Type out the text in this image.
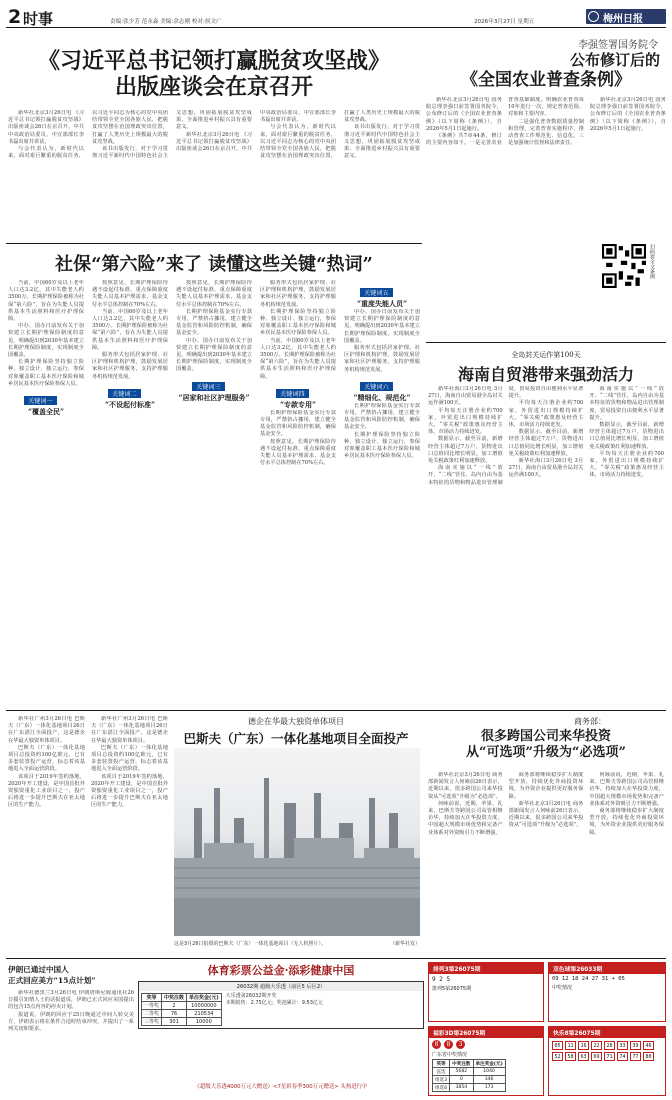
2 时事	责编:张少芳 范永淼 美编:余志刚 校对:侯文广	2026年3月27日 星期五	梅州日报
《习近平总书记领打赢脱贫攻坚战》
出版座谈会在京召开

新华社北京3月26日电 《习近平总书记领打赢脱贫攻坚战》出版座谈会26日在京召开。中共中央政治局委员、中宣部部长李书磊出席并讲话。

与会代表认为，新时代以来，面对艰巨繁重的脱贫任务，以习近平同志为核心的党中央团结带领全党全国各族人民，把脱贫攻坚摆在治国理政突出位置，打赢了人类历史上规模最大的脱贫攻坚战。

该书出版发行，对于学习贯彻习近平新时代中国特色社会主义思想，巩固拓展脱贫攻坚成果、全面推进乡村振兴具有重要意义。

新华社北京3月26日电 《习近平总书记领打赢脱贫攻坚战》出版座谈会26日在京召开。中共中央政治局委员、中宣部部长李书磊出席并讲话。

与会代表认为，新时代以来，面对艰巨繁重的脱贫任务，以习近平同志为核心的党中央团结带领全党全国各族人民，把脱贫攻坚摆在治国理政突出位置，打赢了人类历史上规模最大的脱贫攻坚战。

该书出版发行，对于学习贯彻习近平新时代中国特色社会主义思想，巩固拓展脱贫攻坚成果、全面推进乡村振兴具有重要意义。

李强签署国务院令
公布修订后的
《全国农业普查条例》

新华社北京3月26日电 国务院总理李强日前签署国务院令，公布修订后的《全国农业普查条例》（以下简称《条例》），自2026年5月1日起施行。

《条例》共7章44条，修订的主要内容如下。一是完善农业普查基础制度。明确农业普查每10年进行一次，规定普查范围、对象和主要内容。

二是强化普查数据质量控制和管理，完善普查实施程序，推动普查工作规范化、信息化。三是加强统计监督和法律责任。

新华社北京3月26日电 国务院总理李强日前签署国务院令，公布修订后的《全国农业普查条例》（以下简称《条例》），自2026年5月1日起施行。

社保“第六险”来了 读懂这些关键“热词”

当前，中国60岁及以上老年人口达3.2亿，其中失能老人约3500万。长期护理保险被称为社保“第六险”，旨在为失能人员提供基本生活照料和医疗护理保障。

中办、国办日前发布关于加快建立长期护理保险制度的意见，明确提出到2030年基本建立长期护理保险制度，实现制度全国覆盖。

长期护理保险坚持独立险种、独立设计、独立运行，参保对象覆盖职工基本医疗保险和城乡居民基本医疗保险参保人员。

关键词一
“覆盖全民”

按照意见，长期护理保险待遇不设起付标准，重点保障重度失能人员基本护理需求，基金支付水平总体控制在70%左右。

当前，中国60岁及以上老年人口达3.2亿，其中失能老人约3500万。长期护理保险被称为社保“第六险”，旨在为失能人员提供基本生活照料和医疗护理保障。

服务形式包括居家护理、社区护理和机构护理，鼓励发展居家和社区护理服务，支持护理服务机构规范发展。

关键词二
“不设起付标准”

按照意见，长期护理保险待遇不设起付标准，重点保障重度失能人员基本护理需求，基金支付水平总体控制在70%左右。

长期护理保险基金实行专款专用，严禁挤占挪用，建立健全基金监管和风险防控机制，确保基金安全。

中办、国办日前发布关于加快建立长期护理保险制度的意见，明确提出到2030年基本建立长期护理保险制度，实现制度全国覆盖。

关键词三
“居家和社区护理服务”

服务形式包括居家护理、社区护理和机构护理，鼓励发展居家和社区护理服务，支持护理服务机构规范发展。

长期护理保险坚持独立险种、独立设计、独立运行，参保对象覆盖职工基本医疗保险和城乡居民基本医疗保险参保人员。

当前，中国60岁及以上老年人口达3.2亿，其中失能老人约3500万。长期护理保险被称为社保“第六险”，旨在为失能人员提供基本生活照料和医疗护理保障。

关键词四
“专款专用”

长期护理保险基金实行专款专用，严禁挤占挪用，建立健全基金监管和风险防控机制，确保基金安全。

按照意见，长期护理保险待遇不设起付标准，重点保障重度失能人员基本护理需求，基金支付水平总体控制在70%左右。

关键词五
“重度失能人员”

中办、国办日前发布关于加快建立长期护理保险制度的意见，明确提出到2030年基本建立长期护理保险制度，实现制度全国覆盖。

服务形式包括居家护理、社区护理和机构护理，鼓励发展居家和社区护理服务，支持护理服务机构规范发展。

关键词六
“精细化、规范化”

长期护理保险基金实行专款专用，严禁挤占挪用，建立健全基金监管和风险防控机制，确保基金安全。

长期护理保险坚持独立险种、独立设计、独立运行，参保对象覆盖职工基本医疗保险和城乡居民基本医疗保险参保人员。

扫码看全文条例
全岛封关运作第100天
海南自贸港带来强劲活力

新华社海口3月26日电 3月27日，海南自由贸易港全岛封关运作满100天。

平均每天注册企业约700家，外贸进出口规模持续扩大，“零关税”政策惠及经营主体，市场活力持续迸发。

数据显示，截至目前，新增经营主体超过7万户，货物进出口总值同比增长明显，加工增值免关税政策红利加速释放。

海南实施以“一线”放开、“二线”管住、岛内自由为基本特征的货物和物品进出管理制度，贸易投资自由便利水平显著提升。

平均每天注册企业约700家，外贸进出口规模持续扩大，“零关税”政策惠及经营主体，市场活力持续迸发。

数据显示，截至目前，新增经营主体超过7万户，货物进出口总值同比增长明显，加工增值免关税政策红利加速释放。

新华社海口3月26日电 3月27日，海南自由贸易港全岛封关运作满100天。

海南实施以“一线”放开、“二线”管住、岛内自由为基本特征的货物和物品进出管理制度，贸易投资自由便利水平显著提升。

数据显示，截至目前，新增经营主体超过7万户，货物进出口总值同比增长明显，加工增值免关税政策红利加速释放。

平均每天注册企业约700家，外贸进出口规模持续扩大，“零关税”政策惠及经营主体，市场活力持续迸发。

新华社广州3月26日电 巴斯夫（广东）一体化基地项目26日在广东湛江全面投产，这是德企在华最大独资单体项目。

巴斯夫（广东）一体化基地项目总投资约100亿欧元，已有多套装置投产运营，标志着该基地进入全面运营阶段。

该项目于2019年签约落地，2020年开工建设，是中国首批外资独资重化工业项目之一，投产后将进一步提升巴斯夫在亚太地区的生产能力。

新华社广州3月26日电 巴斯夫（广东）一体化基地项目26日在广东湛江全面投产，这是德企在华最大独资单体项目。

巴斯夫（广东）一体化基地项目总投资约100亿欧元，已有多套装置投产运营，标志着该基地进入全面运营阶段。

该项目于2019年签约落地，2020年开工建设，是中国首批外资独资重化工业项目之一，投产后将进一步提升巴斯夫在亚太地区的生产能力。

德企在华最大独资单体项目
巴斯夫（广东）一体化基地项目全面投产
这是3月26日拍摄的巴斯夫（广东）一体化基地项目（无人机照片）。	（新华社发）
商务部：
很多跨国公司来华投资
从“可选项”升级为“必选项”

新华社北京3月26日电 商务部新闻发言人何咏前26日表示，近期以来，很多跨国公司来华投资从“可选项”升级为“必选项”。

何咏前说，近期，苹果、礼来、巴斯夫等跨国公司高管相继访华，持续加大在华投资力度，中国超大规模市场优势和完备产业体系对外资吸引力不断增强。

商务部将继续稳步扩大制度型开放，持续优化外商投资环境，为外资企业提供更好服务保障。

新华社北京3月26日电 商务部新闻发言人何咏前26日表示，近期以来，很多跨国公司来华投资从“可选项”升级为“必选项”。

何咏前说，近期，苹果、礼来、巴斯夫等跨国公司高管相继访华，持续加大在华投资力度，中国超大规模市场优势和完备产业体系对外资吸引力不断增强。

商务部将继续稳步扩大制度型开放，持续优化外商投资环境，为外资企业提供更好服务保障。

伊朗已通过中国人
正式回应美方“15点计划”

新华社德黑兰3月26日电 伊朗塔斯尼姆通讯社26日援引知情人士的话报道说，伊朗已正式回应美国提出的包含15点内容的停火计划。

报道说，伊朗的回应于25日晚通过中间人转交美方，伊朗表示将在条件合适时结束冲突，并提出了一系列关切和要求。

体育彩票公益金·添彩健康中国
26032期 超级大乐透（前区5 后区2）
奖等	中奖注数	单注奖金(元)
一等奖	2	10000000
二等奖	76	210534
三等奖	301	10000
大乐透第26032期开奖
本期销售：2.75亿元；奖池累计：9.53亿元
《超级大乐透4000万元大赠送》<7星彩春季300万元赠送> 头热进行中
排列3第26075期
9 2 5
排列5第26075期
双色球第26033期
09 12 18 24 27 31 + 05
中奖情况
福彩3D第26075期
8	8	3
广东省中奖情况
奖等	中奖注数	单注奖金(元)
直选	5682	1040
组选3	0	346
组选6	3854	173
快乐8第26075期
05	11	16	22	28	33	39	46
52	58	63	69	71	74	77	80
